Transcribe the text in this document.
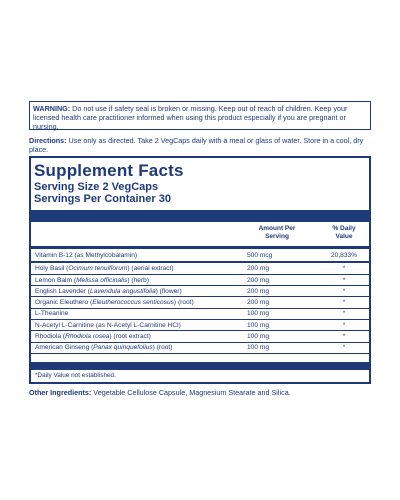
WARNING: Do not use if safety seal is broken or missing. Keep out of reach of children. Keep your licensed health care practitioner informed when using this product especially if you are pregnant or nursing.
Directions: Use only as directed. Take 2 VegCaps daily with a meal or glass of water. Store in a cool, dry place.
Supplement Facts
Serving Size 2 VegCaps
Servings Per Container 30
Amount Per
Serving
% Daily
Value
Vitamin B-12 (as Methylcobalamin)	500 mcg	20,833%
Holy Basil (Ocimum tenuiflorum) (aerial extract)	200 mg	*
Lemon Balm (Melissa officinalis) (herb)	200 mg	*
English Lavender (Lavendula angustifolia) (flower)	200 mg	*
Organic Eleuthero (Eleutherococcus senticosus) (root)	200 mg	*
L-Theanine	100 mg	*
N-Acetyl L-Carnitine (as N-Acetyl L-Carnitine HCl)	100 mg	*
Rhodiola (Rhodiola rosea) (root extract)	100 mg	*
American Ginseng (Panax quinquefolius) (root)	100 mg	*
*Daily Value not established.
Other Ingredients: Vegetable Cellulose Capsule, Magnesium Stearate and Silica.
